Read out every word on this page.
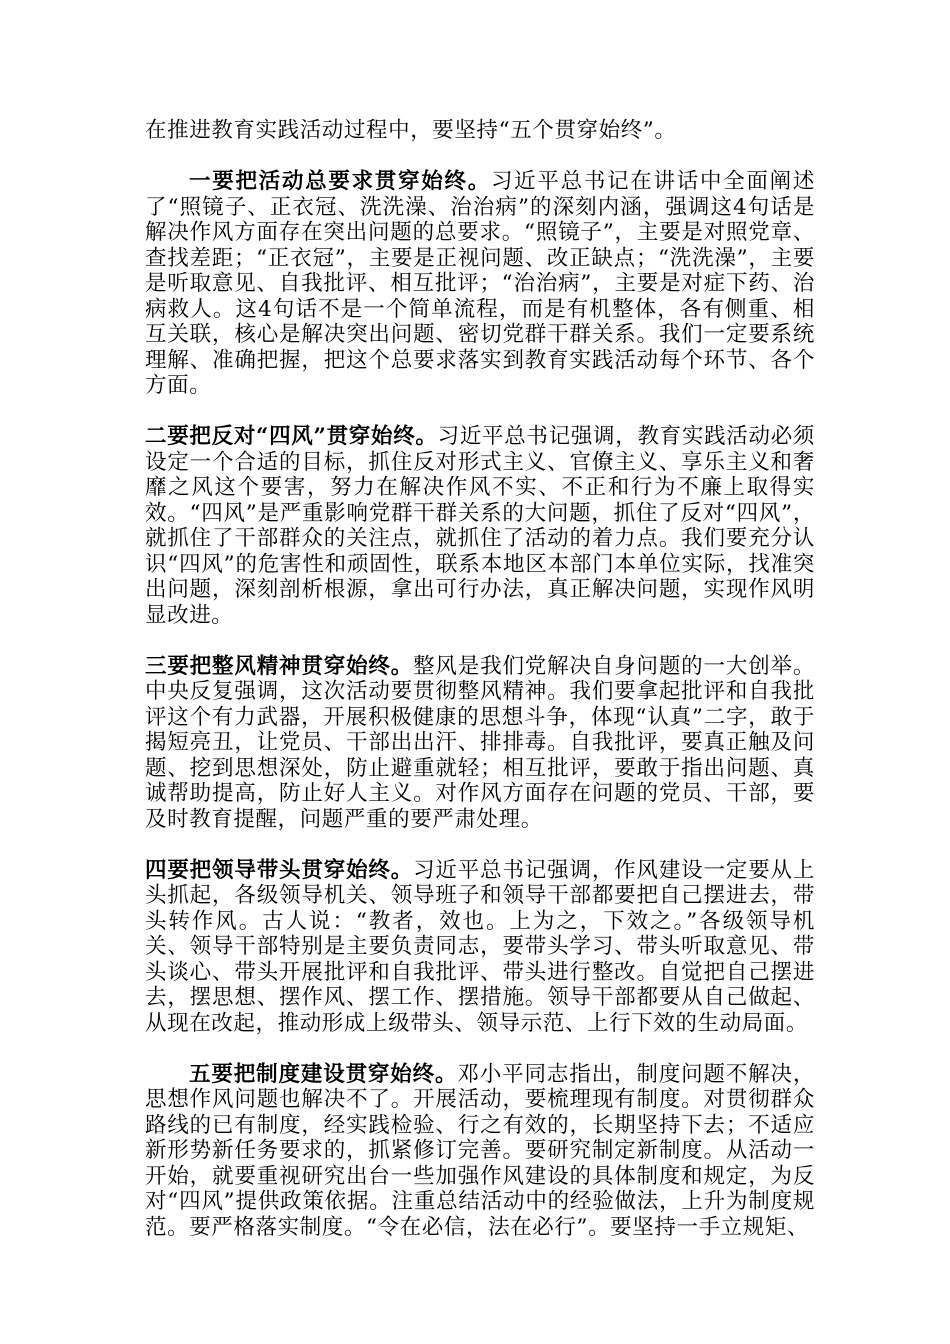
在推进教育实践活动过程中，要坚持“五个贯穿始终”。

一要把活动总要求贯穿始终。习近平总书记在讲话中全面阐述了“照镜子、正衣冠、洗洗澡、治治病”的深刻内涵，强调这4句话是解决作风方面存在突出问题的总要求。“照镜子”，主要是对照党章、查找差距；“正衣冠”，主要是正视问题、改正缺点；“洗洗澡”，主要是听取意见、自我批评、相互批评；“治治病”，主要是对症下药、治病救人。这4句话不是一个简单流程，而是有机整体，各有侧重、相互关联，核心是解决突出问题、密切党群干群关系。我们一定要系统理解、准确把握，把这个总要求落实到教育实践活动每个环节、各个方面。

二要把反对“四风”贯穿始终。习近平总书记强调，教育实践活动必须设定一个合适的目标，抓住反对形式主义、官僚主义、享乐主义和奢靡之风这个要害，努力在解决作风不实、不正和行为不廉上取得实效。“四风”是严重影响党群干群关系的大问题，抓住了反对“四风”，就抓住了干部群众的关注点，就抓住了活动的着力点。我们要充分认识“四风”的危害性和顽固性，联系本地区本部门本单位实际，找准突出问题，深刻剖析根源，拿出可行办法，真正解决问题，实现作风明显改进。

三要把整风精神贯穿始终。整风是我们党解决自身问题的一大创举。中央反复强调，这次活动要贯彻整风精神。我们要拿起批评和自我批评这个有力武器，开展积极健康的思想斗争，体现“认真”二字，敢于揭短亮丑，让党员、干部出出汗、排排毒。自我批评，要真正触及问题、挖到思想深处，防止避重就轻；相互批评，要敢于指出问题、真诚帮助提高，防止好人主义。对作风方面存在问题的党员、干部，要及时教育提醒，问题严重的要严肃处理。

四要把领导带头贯穿始终。习近平总书记强调，作风建设一定要从上头抓起，各级领导机关、领导班子和领导干部都要把自己摆进去，带头转作风。古人说：“教者，效也。上为之，下效之。”各级领导机关、领导干部特别是主要负责同志，要带头学习、带头听取意见、带头谈心、带头开展批评和自我批评、带头进行整改。自觉把自己摆进去，摆思想、摆作风、摆工作、摆措施。领导干部都要从自己做起、从现在改起，推动形成上级带头、领导示范、上行下效的生动局面。

五要把制度建设贯穿始终。邓小平同志指出，制度问题不解决，思想作风问题也解决不了。开展活动，要梳理现有制度。对贯彻群众路线的已有制度，经实践检验、行之有效的，长期坚持下去；不适应新形势新任务要求的，抓紧修订完善。要研究制定新制度。从活动一开始，就要重视研究出台一些加强作风建设的具体制度和规定，为反对“四风”提供政策依据。注重总结活动中的经验做法，上升为制度规范。要严格落实制度。“令在必信，法在必行”。要坚持一手立规矩、
